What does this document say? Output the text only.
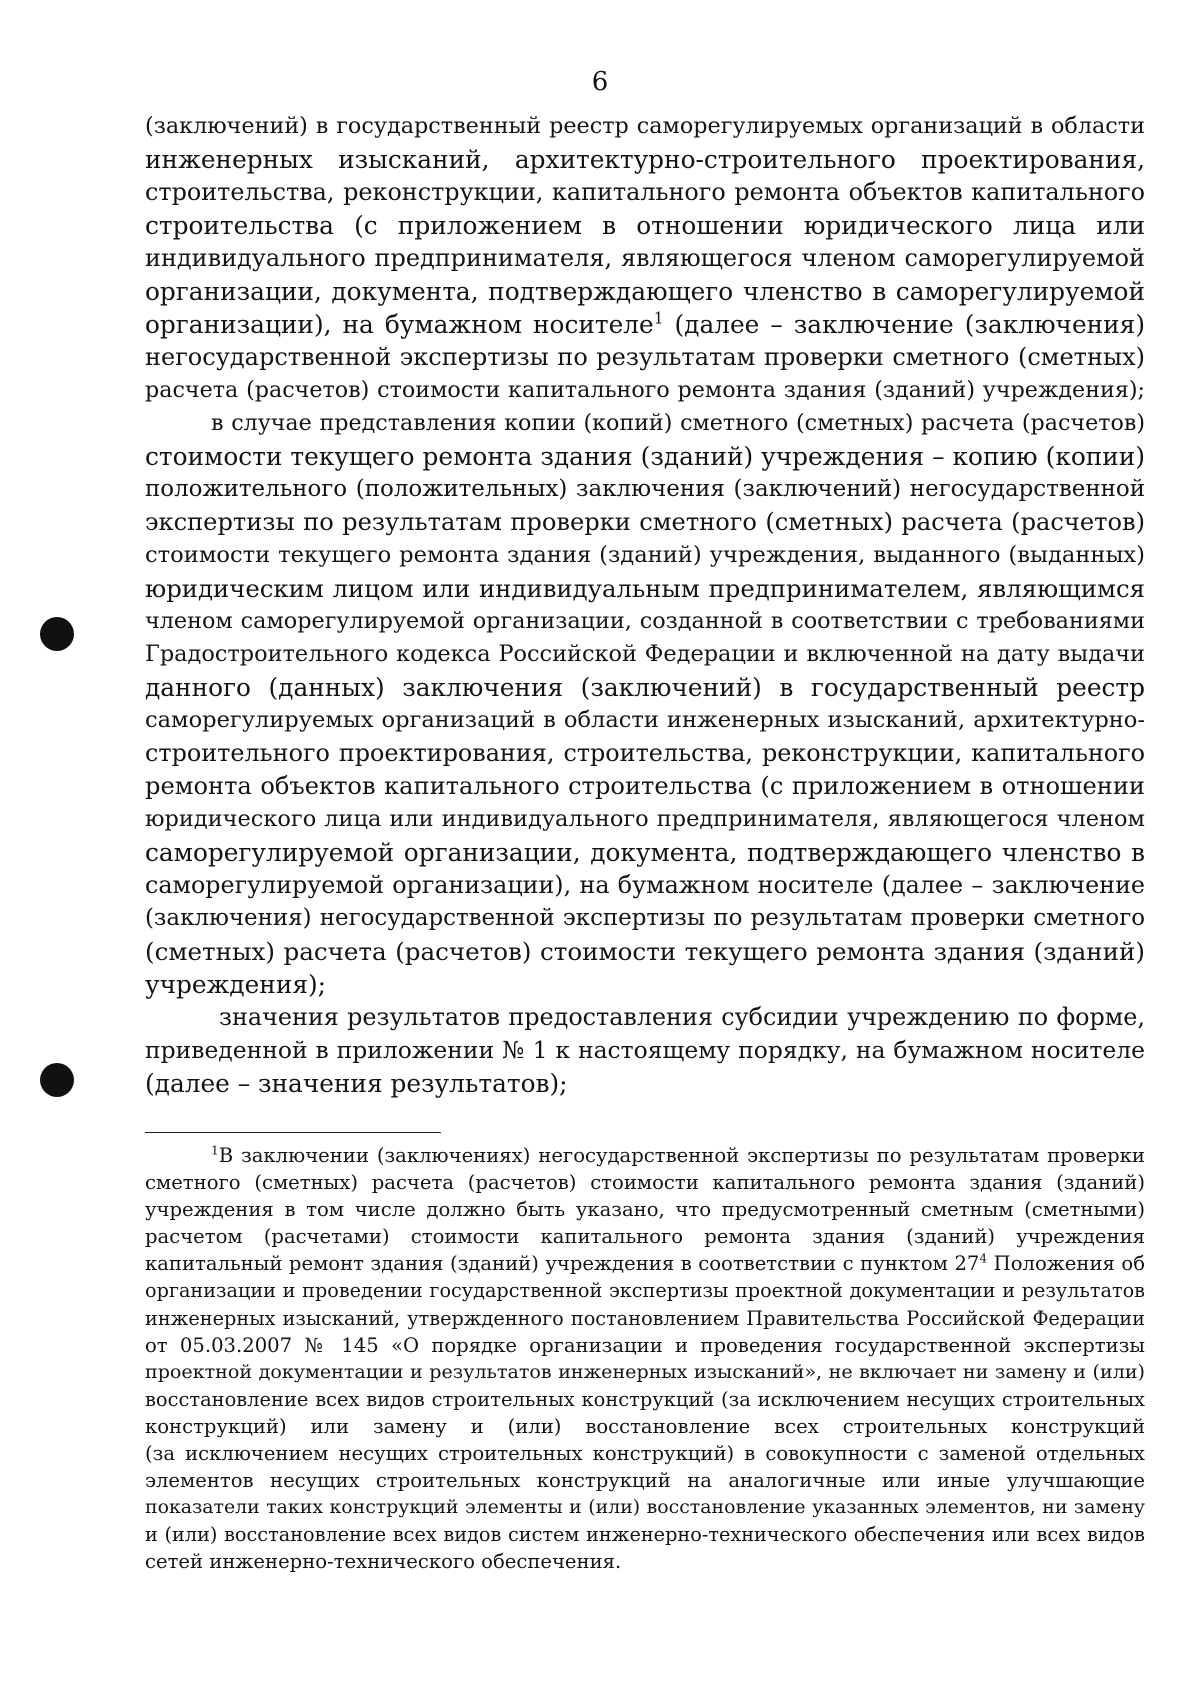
6
(заключений) в государственный реестр саморегулируемых организаций в области
инженерных изысканий, архитектурно-строительного проектирования,
строительства, реконструкции, капитального ремонта объектов капитального
строительства (с приложением в отношении юридического лица или
индивидуального предпринимателя, являющегося членом саморегулируемой
организации, документа, подтверждающего членство в саморегулируемой
организации), на бумажном носителе$^1$ (далее – заключение (заключения)
негосударственной экспертизы по результатам проверки сметного (сметных)
расчета (расчетов) стоимости капитального ремонта здания (зданий) учреждения);
в случае представления копии (копий) сметного (сметных) расчета (расчетов)
стоимости текущего ремонта здания (зданий) учреждения – копию (копии)
положительного (положительных) заключения (заключений) негосударственной
экспертизы по результатам проверки сметного (сметных) расчета (расчетов)
стоимости текущего ремонта здания (зданий) учреждения, выданного (выданных)
юридическим лицом или индивидуальным предпринимателем, являющимся
членом саморегулируемой организации, созданной в соответствии с требованиями
Градостроительного кодекса Российской Федерации и включенной на дату выдачи
данного (данных) заключения (заключений) в государственный реестр
саморегулируемых организаций в области инженерных изысканий, архитектурно-
строительного проектирования, строительства, реконструкции, капитального
ремонта объектов капитального строительства (с приложением в отношении
юридического лица или индивидуального предпринимателя, являющегося членом
саморегулируемой организации, документа, подтверждающего членство в
саморегулируемой организации), на бумажном носителе (далее – заключение
(заключения) негосударственной экспертизы по результатам проверки сметного
(сметных) расчета (расчетов) стоимости текущего ремонта здания (зданий)
учреждения);
значения результатов предоставления субсидии учреждению по форме,
приведенной в приложении № 1 к настоящему порядку, на бумажном носителе
(далее – значения результатов);
$^1$В заключении (заключениях) негосударственной экспертизы по результатам проверки
сметного (сметных) расчета (расчетов) стоимости капитального ремонта здания (зданий)
учреждения в том числе должно быть указано, что предусмотренный сметным (сметными)
расчетом (расчетами) стоимости капитального ремонта здания (зданий) учреждения
капитальный ремонт здания (зданий) учреждения в соответствии с пунктом $27^4$ Положения об
организации и проведении государственной экспертизы проектной документации и результатов
инженерных изысканий, утвержденного постановлением Правительства Российской Федерации
от 05.03.2007 № 145 «О порядке организации и проведения государственной экспертизы
проектной документации и результатов инженерных изысканий», не включает ни замену и (или)
восстановление всех видов строительных конструкций (за исключением несущих строительных
конструкций) или замену и (или) восстановление всех строительных конструкций
(за исключением несущих строительных конструкций) в совокупности с заменой отдельных
элементов несущих строительных конструкций на аналогичные или иные улучшающие
показатели таких конструкций элементы и (или) восстановление указанных элементов, ни замену
и (или) восстановление всех видов систем инженерно-технического обеспечения или всех видов
сетей инженерно-технического обеспечения.
